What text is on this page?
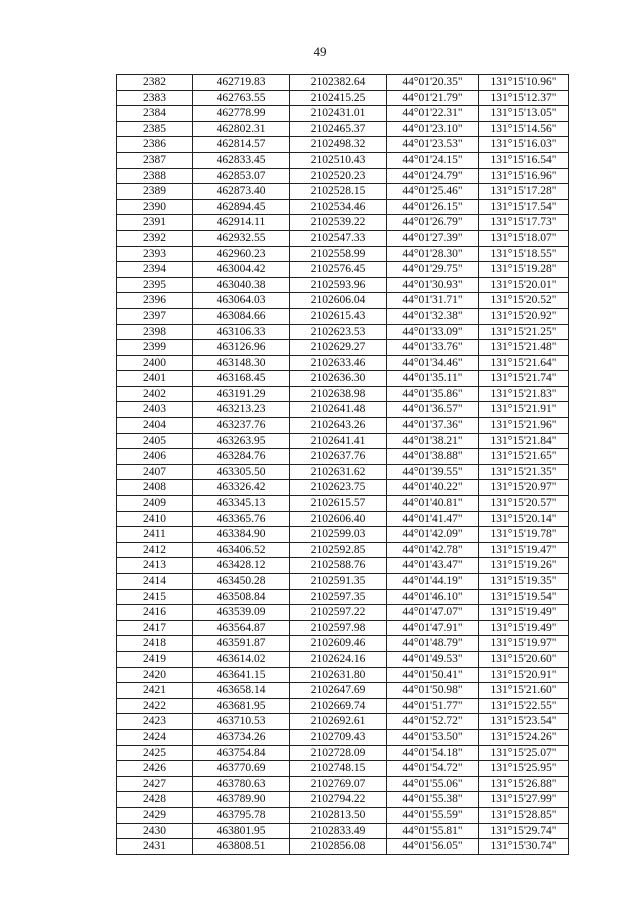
49
2382	462719.83	2102382.64	44°01'20.35"	131°15'10.96"
2383	462763.55	2102415.25	44°01'21.79"	131°15'12.37"
2384	462778.99	2102431.01	44°01'22.31"	131°15'13.05"
2385	462802.31	2102465.37	44°01'23.10"	131°15'14.56"
2386	462814.57	2102498.32	44°01'23.53"	131°15'16.03"
2387	462833.45	2102510.43	44°01'24.15"	131°15'16.54"
2388	462853.07	2102520.23	44°01'24.79"	131°15'16.96"
2389	462873.40	2102528.15	44°01'25.46"	131°15'17.28"
2390	462894.45	2102534.46	44°01'26.15"	131°15'17.54"
2391	462914.11	2102539.22	44°01'26.79"	131°15'17.73"
2392	462932.55	2102547.33	44°01'27.39"	131°15'18.07"
2393	462960.23	2102558.99	44°01'28.30"	131°15'18.55"
2394	463004.42	2102576.45	44°01'29.75"	131°15'19.28"
2395	463040.38	2102593.96	44°01'30.93"	131°15'20.01"
2396	463064.03	2102606.04	44°01'31.71"	131°15'20.52"
2397	463084.66	2102615.43	44°01'32.38"	131°15'20.92"
2398	463106.33	2102623.53	44°01'33.09"	131°15'21.25"
2399	463126.96	2102629.27	44°01'33.76"	131°15'21.48"
2400	463148.30	2102633.46	44°01'34.46"	131°15'21.64"
2401	463168.45	2102636.30	44°01'35.11"	131°15'21.74"
2402	463191.29	2102638.98	44°01'35.86"	131°15'21.83"
2403	463213.23	2102641.48	44°01'36.57"	131°15'21.91"
2404	463237.76	2102643.26	44°01'37.36"	131°15'21.96"
2405	463263.95	2102641.41	44°01'38.21"	131°15'21.84"
2406	463284.76	2102637.76	44°01'38.88"	131°15'21.65"
2407	463305.50	2102631.62	44°01'39.55"	131°15'21.35"
2408	463326.42	2102623.75	44°01'40.22"	131°15'20.97"
2409	463345.13	2102615.57	44°01'40.81"	131°15'20.57"
2410	463365.76	2102606.40	44°01'41.47"	131°15'20.14"
2411	463384.90	2102599.03	44°01'42.09"	131°15'19.78"
2412	463406.52	2102592.85	44°01'42.78"	131°15'19.47"
2413	463428.12	2102588.76	44°01'43.47"	131°15'19.26"
2414	463450.28	2102591.35	44°01'44.19"	131°15'19.35"
2415	463508.84	2102597.35	44°01'46.10"	131°15'19.54"
2416	463539.09	2102597.22	44°01'47.07"	131°15'19.49"
2417	463564.87	2102597.98	44°01'47.91"	131°15'19.49"
2418	463591.87	2102609.46	44°01'48.79"	131°15'19.97"
2419	463614.02	2102624.16	44°01'49.53"	131°15'20.60"
2420	463641.15	2102631.80	44°01'50.41"	131°15'20.91"
2421	463658.14	2102647.69	44°01'50.98"	131°15'21.60"
2422	463681.95	2102669.74	44°01'51.77"	131°15'22.55"
2423	463710.53	2102692.61	44°01'52.72"	131°15'23.54"
2424	463734.26	2102709.43	44°01'53.50"	131°15'24.26"
2425	463754.84	2102728.09	44°01'54.18"	131°15'25.07"
2426	463770.69	2102748.15	44°01'54.72"	131°15'25.95"
2427	463780.63	2102769.07	44°01'55.06"	131°15'26.88"
2428	463789.90	2102794.22	44°01'55.38"	131°15'27.99"
2429	463795.78	2102813.50	44°01'55.59"	131°15'28.85"
2430	463801.95	2102833.49	44°01'55.81"	131°15'29.74"
2431	463808.51	2102856.08	44°01'56.05"	131°15'30.74"
